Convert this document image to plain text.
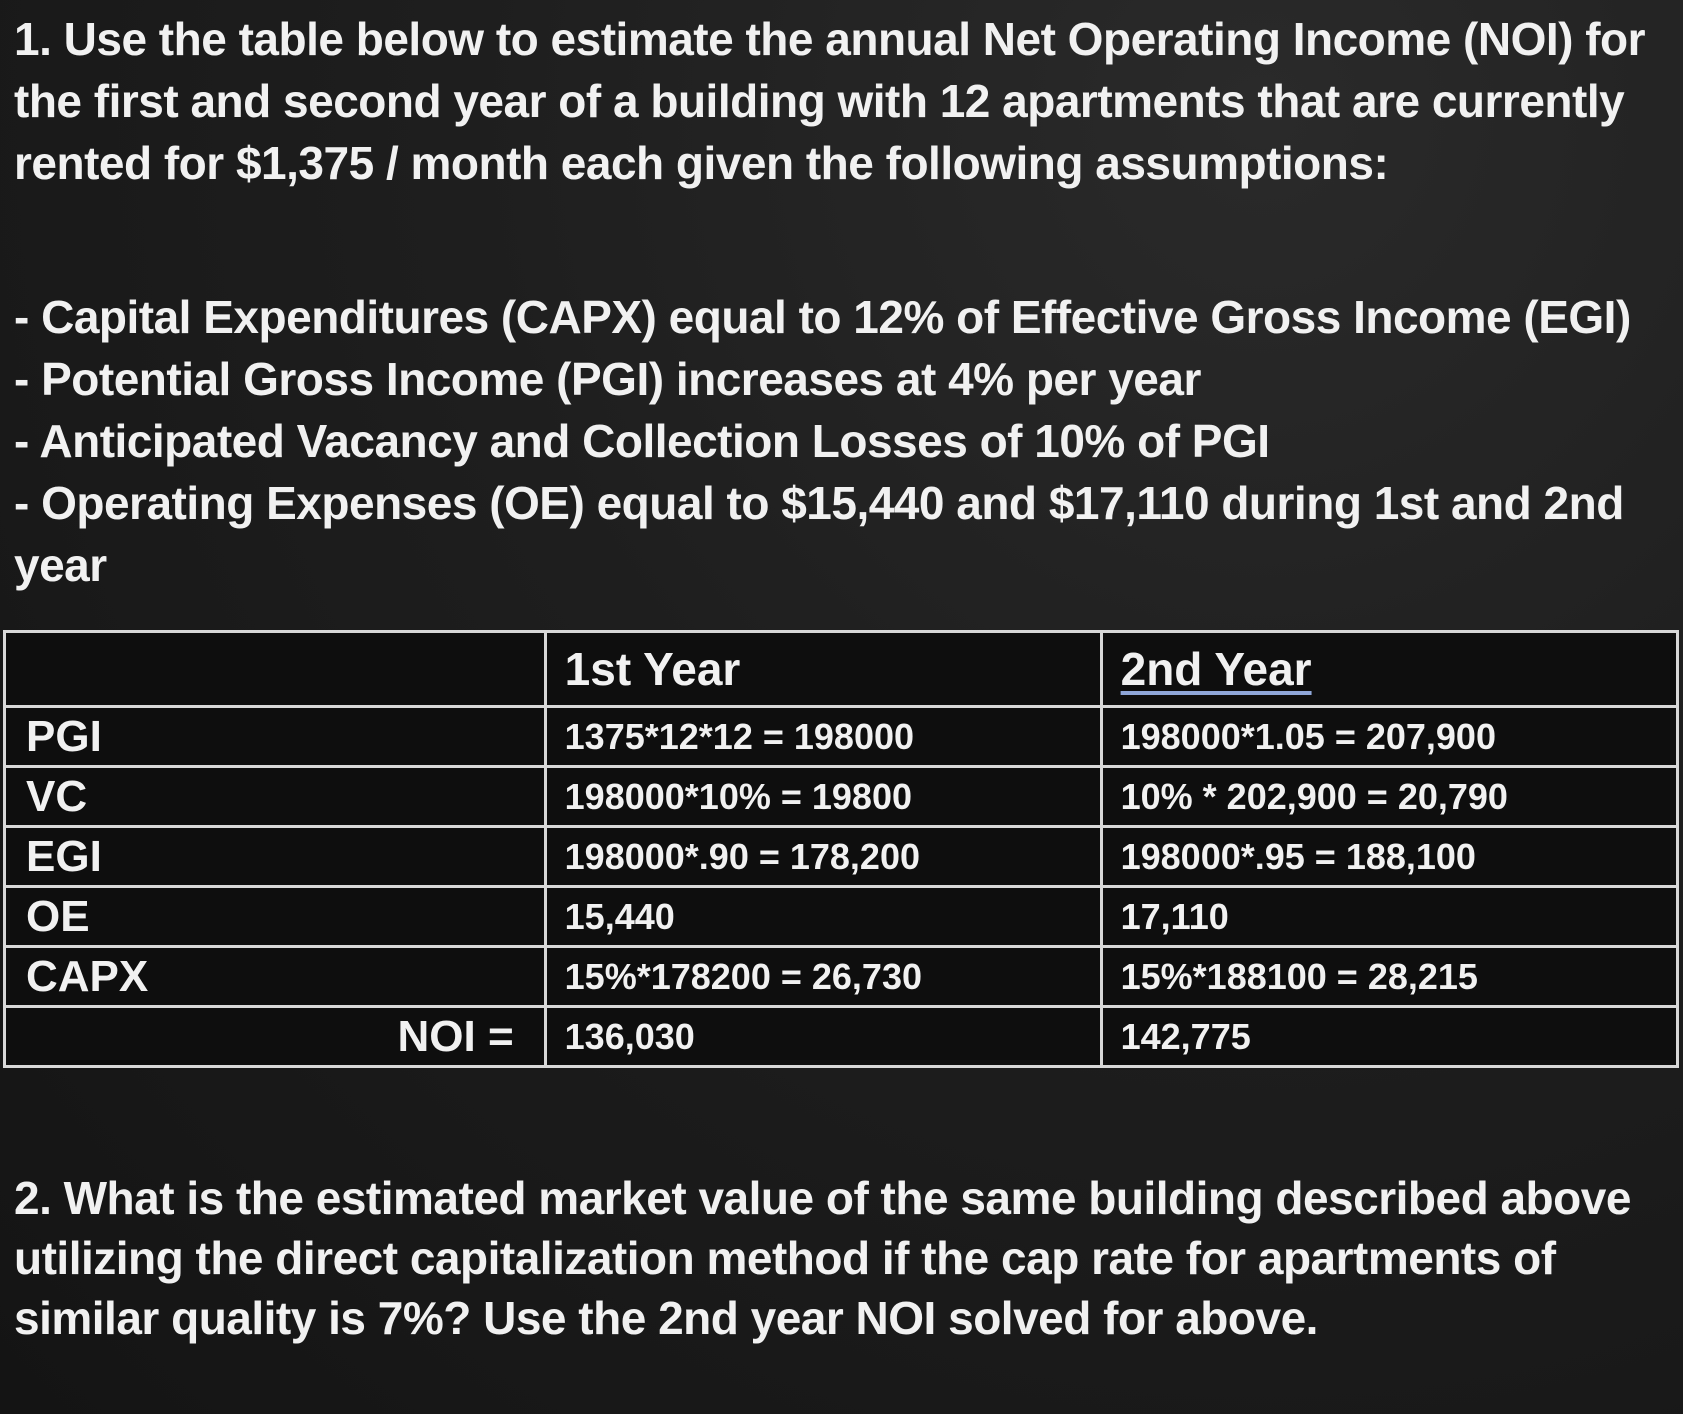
1. Use the table below to estimate the annual Net Operating Income (NOI) for the first and second year of a building with 12 apartments that are currently rented for $1,375 / month each given the following assumptions:

- Capital Expenditures (CAPX) equal to 12% of Effective Gross Income (EGI)

- Potential Gross Income (PGI) increases at 4% per year

- Anticipated Vacancy and Collection Losses of 10% of PGI

- Operating Expenses (OE) equal to $15,440 and $17,110 during 1st and 2nd year

	1st Year	2nd Year
PGI	1375*12*12 = 198000	198000*1.05 = 207,900
VC	198000*10% = 19800	10% * 202,900 = 20,790
EGI	198000*.90 = 178,200	198000*.95 = 188,100
OE	15,440	17,110
CAPX	15%*178200 = 26,730	15%*188100 = 28,215
NOI =	136,030	142,775
2. What is the estimated market value of the same building described above utilizing the direct capitalization method if the cap rate for apartments of similar quality is 7%? Use the 2nd year NOI solved for above.
